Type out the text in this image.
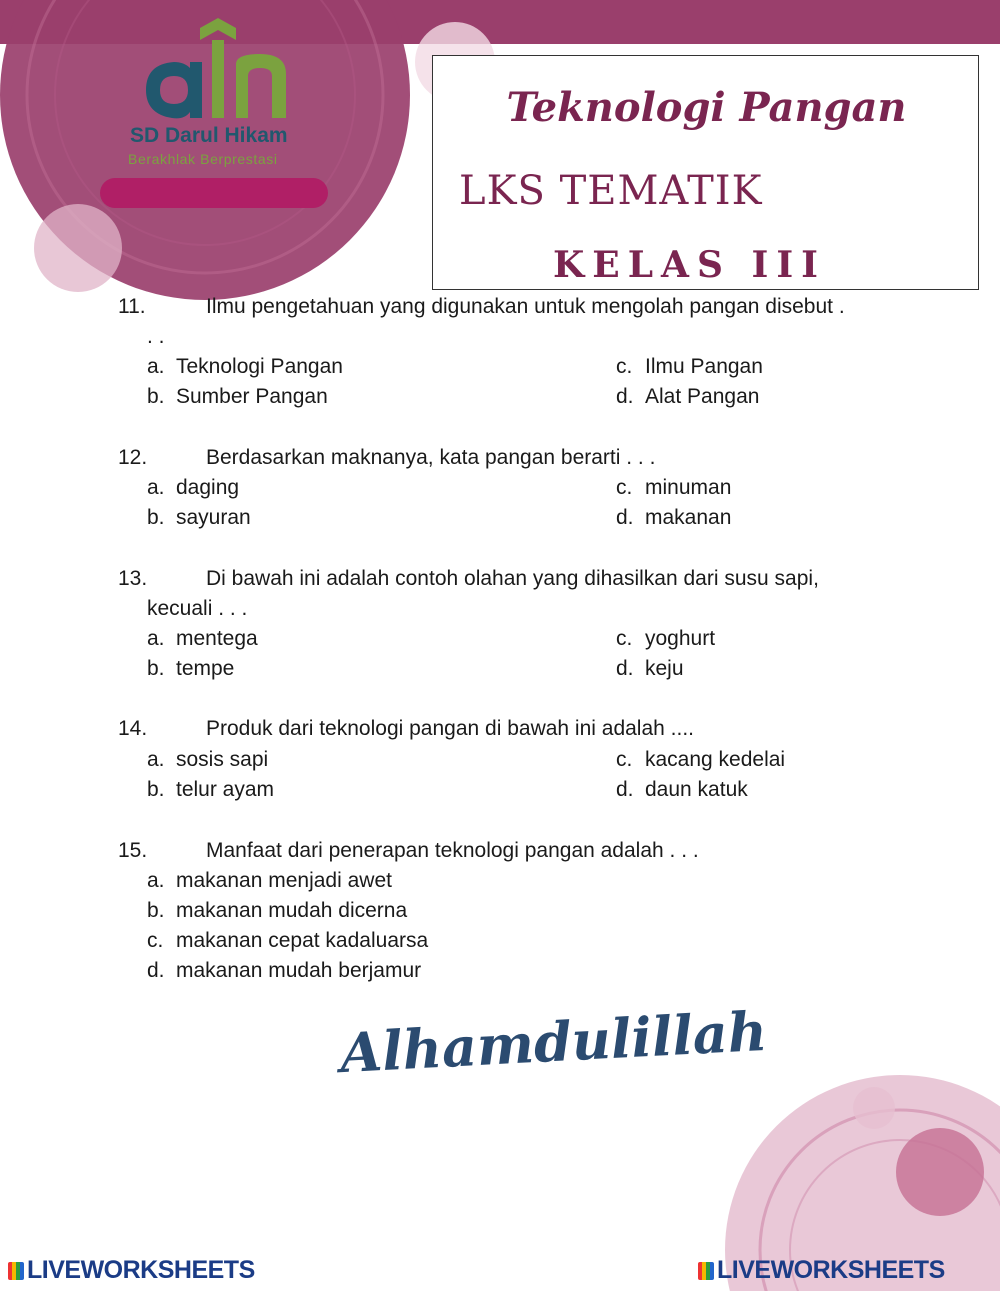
SD Darul Hikam
Berakhlak Berprestasi
Teknologi Pangan
LKS TEMATIK
KELAS III
11.	Ilmu pengetahuan yang digunakan untuk mengolah pangan disebut .
. .
a. Teknologi Pangan
b. Sumber Pangan
c. Ilmu Pangan
d. Alat Pangan
12.	Berdasarkan maknanya, kata pangan berarti . . .
a. daging
b. sayuran
c. minuman
d. makanan
13.	Di bawah ini adalah contoh olahan yang dihasilkan dari susu sapi,
kecuali . . .
a. mentega
b. tempe
c. yoghurt
d. keju
14.	Produk dari teknologi pangan di bawah ini adalah ....
a. sosis sapi
b. telur ayam
c. kacang kedelai
d. daun katuk
15.	Manfaat dari penerapan teknologi pangan adalah . . .
a. makanan menjadi awet
b. makanan mudah dicerna
c. makanan cepat kadaluarsa
d. makanan mudah berjamur
Alhamdulillah
LIVEWORKSHEETS	LIVEWORKSHEETS
